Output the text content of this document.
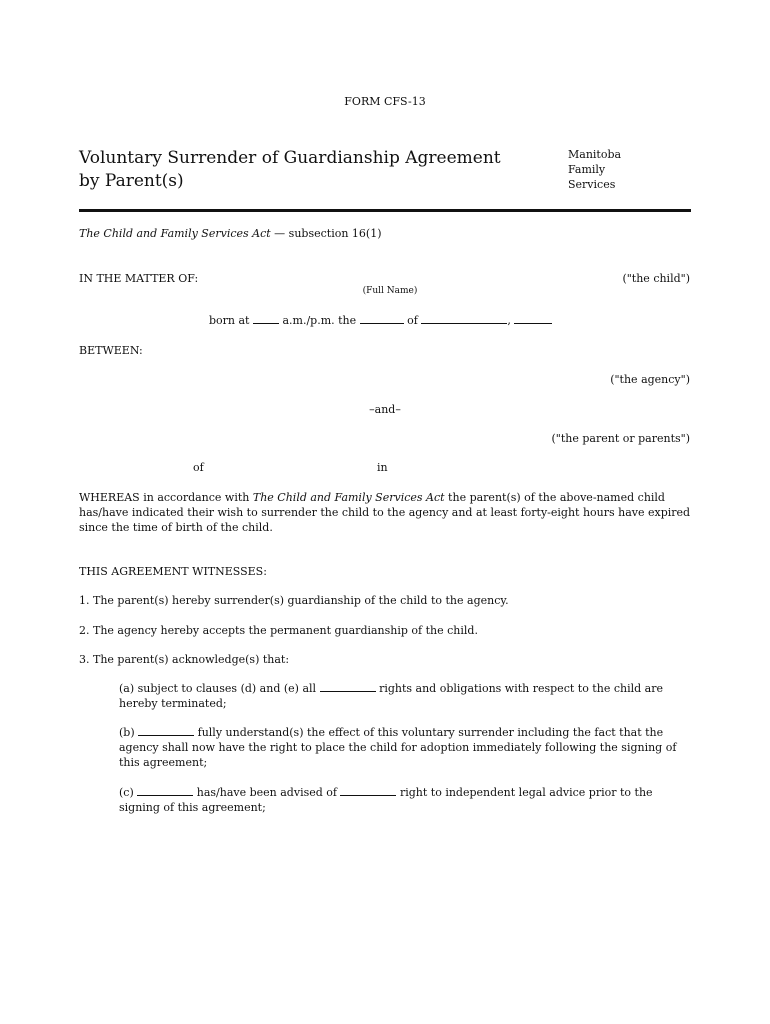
FORM CFS-13
Voluntary Surrender of Guardianship Agreement
by Parent(s)
Manitoba
Family
Services
The Child and Family Services Act — subsection 16(1)
IN THE MATTER OF:	("the child")
(Full Name)
born at	a.m./p.m. the	of	,
BETWEEN:
("the agency")
–and–
("the parent or parents")
of	in
WHEREAS in accordance with The Child and Family Services Act the parent(s) of the above-named child
has/have indicated their wish to surrender the child to the agency and at least forty-eight hours have expired
since the time of birth of the child.
THIS AGREEMENT WITNESSES:
1. The parent(s) hereby surrender(s) guardianship of the child to the agency.
2. The agency hereby accepts the permanent guardianship of the child.
3. The parent(s) acknowledge(s) that:
(a) subject to clauses (d) and (e) all	rights and obligations with respect to the child are
hereby terminated;
(b)	fully understand(s) the effect of this voluntary surrender including the fact that the
agency shall now have the right to place the child for adoption immediately following the signing of
this agreement;
(c)	has/have been advised of	right to independent legal advice prior to the
signing of this agreement;
